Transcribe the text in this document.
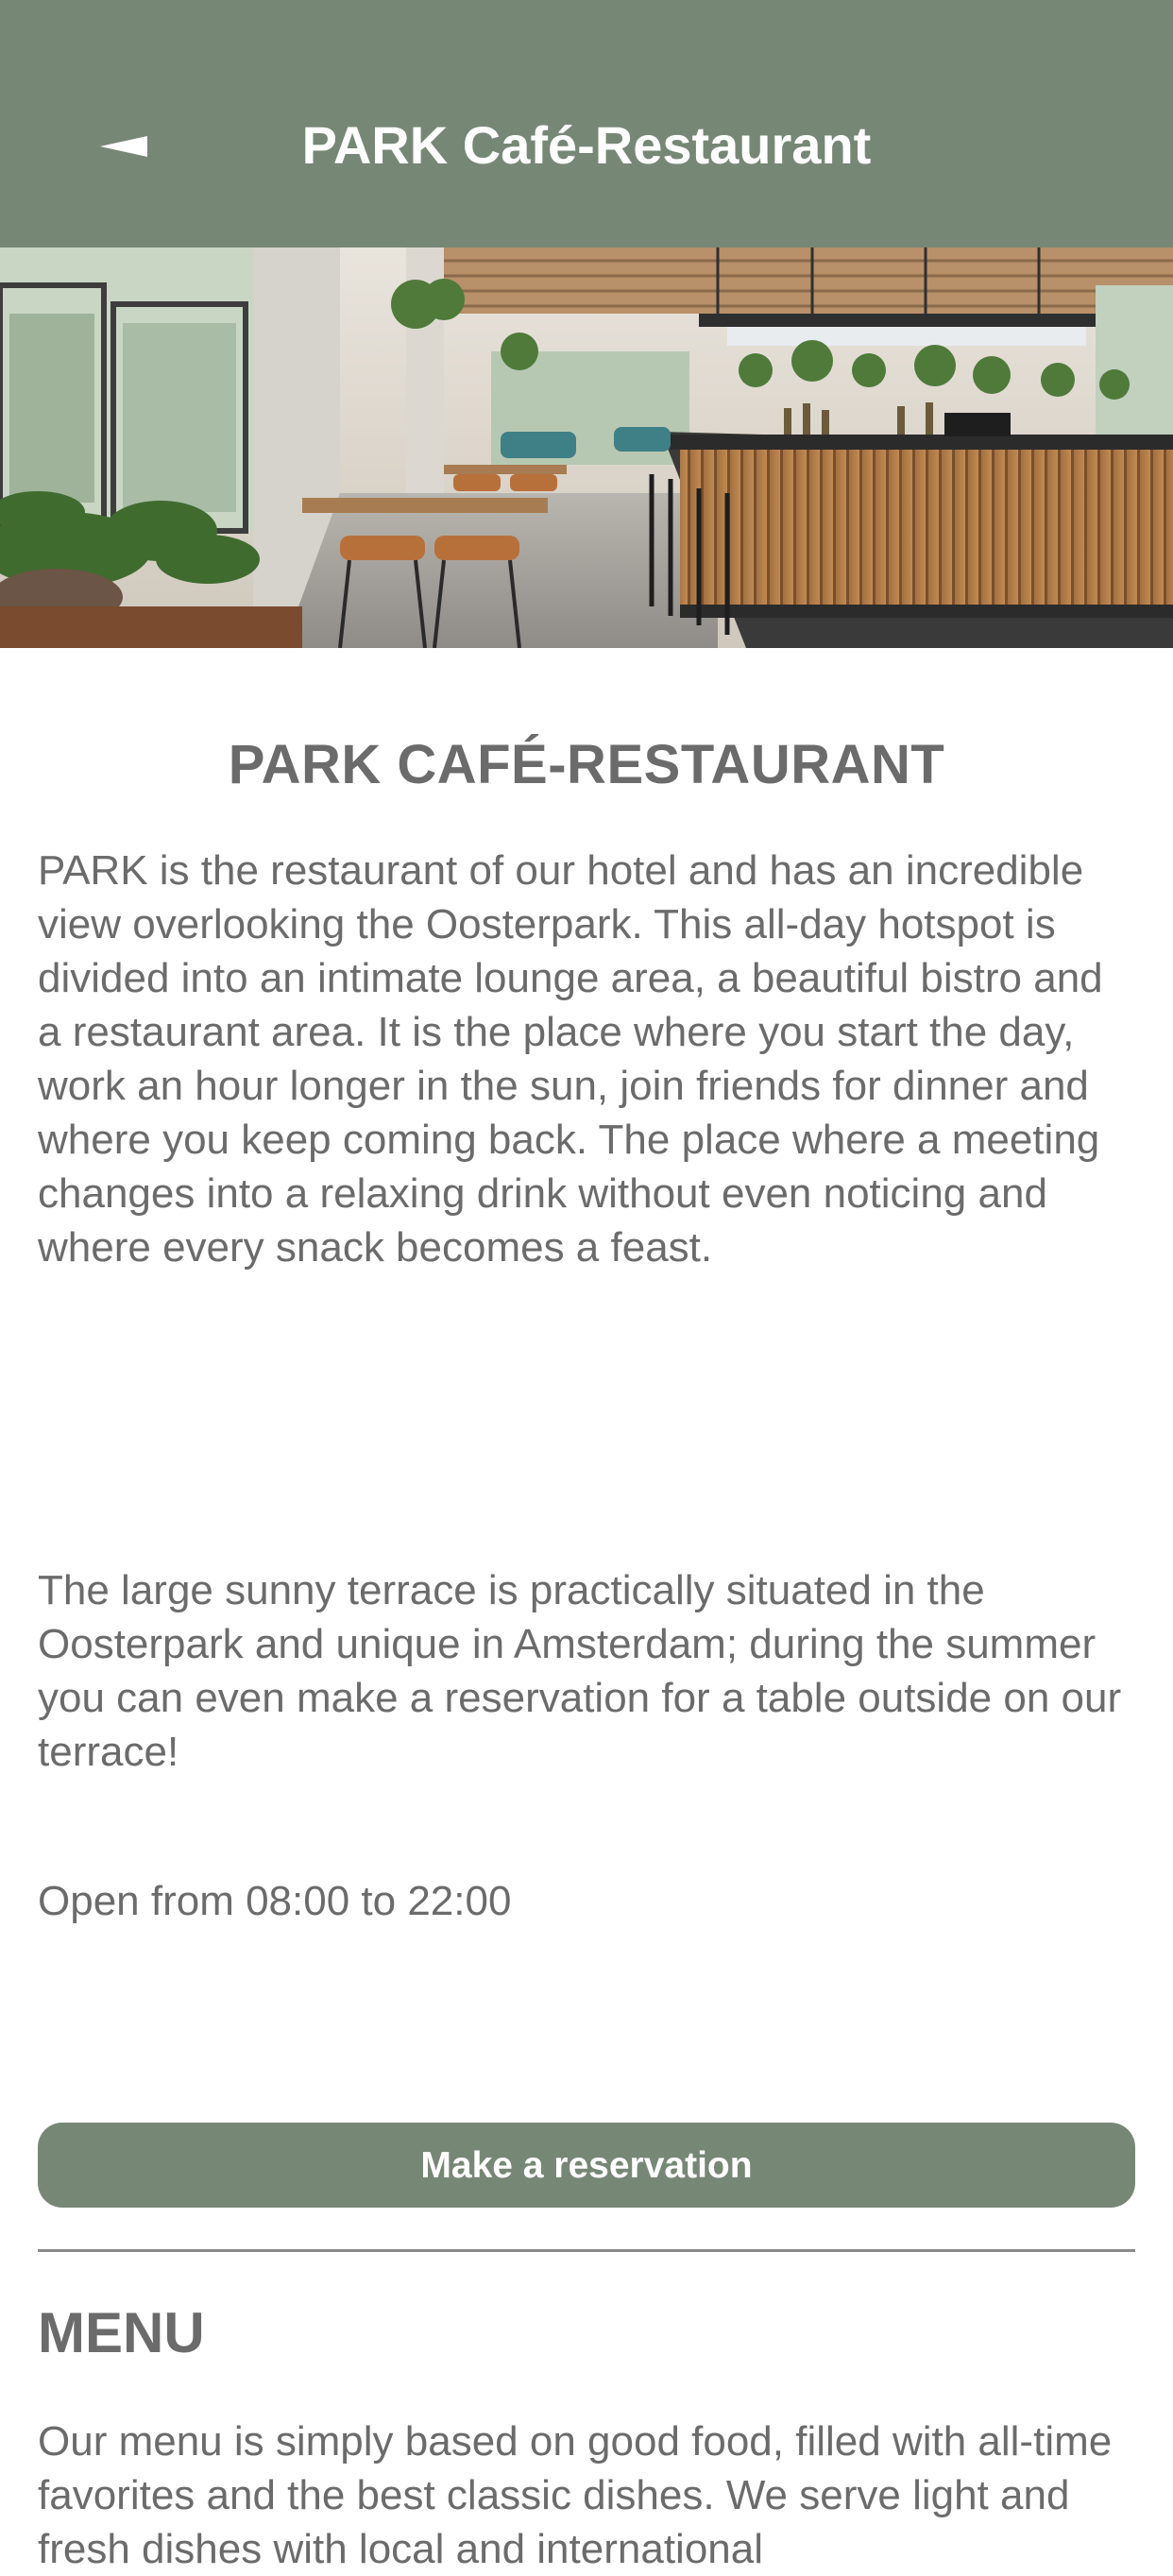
PARK Café-Restaurant
PARK CAFÉ-RESTAURANT

PARK is the restaurant of our hotel and has an incredible view overlooking the Oosterpark. This all-day hotspot is divided into an intimate lounge area, a beautiful bistro and a restaurant area. It is the place where you start the day, work an hour longer in the sun, join friends for dinner and where you keep coming back. The place where a meeting changes into a relaxing drink without even noticing and where every snack becomes a feast.

The large sunny terrace is practically situated in the Oosterpark and unique in Amsterdam; during the summer you can even make a reservation for a table outside on our terrace!

Open from 08:00 to 22:00

Make a reservation
MENU

Our menu is simply based on good food, filled with all-time favorites and the best classic dishes. We serve light and fresh dishes with local and international
